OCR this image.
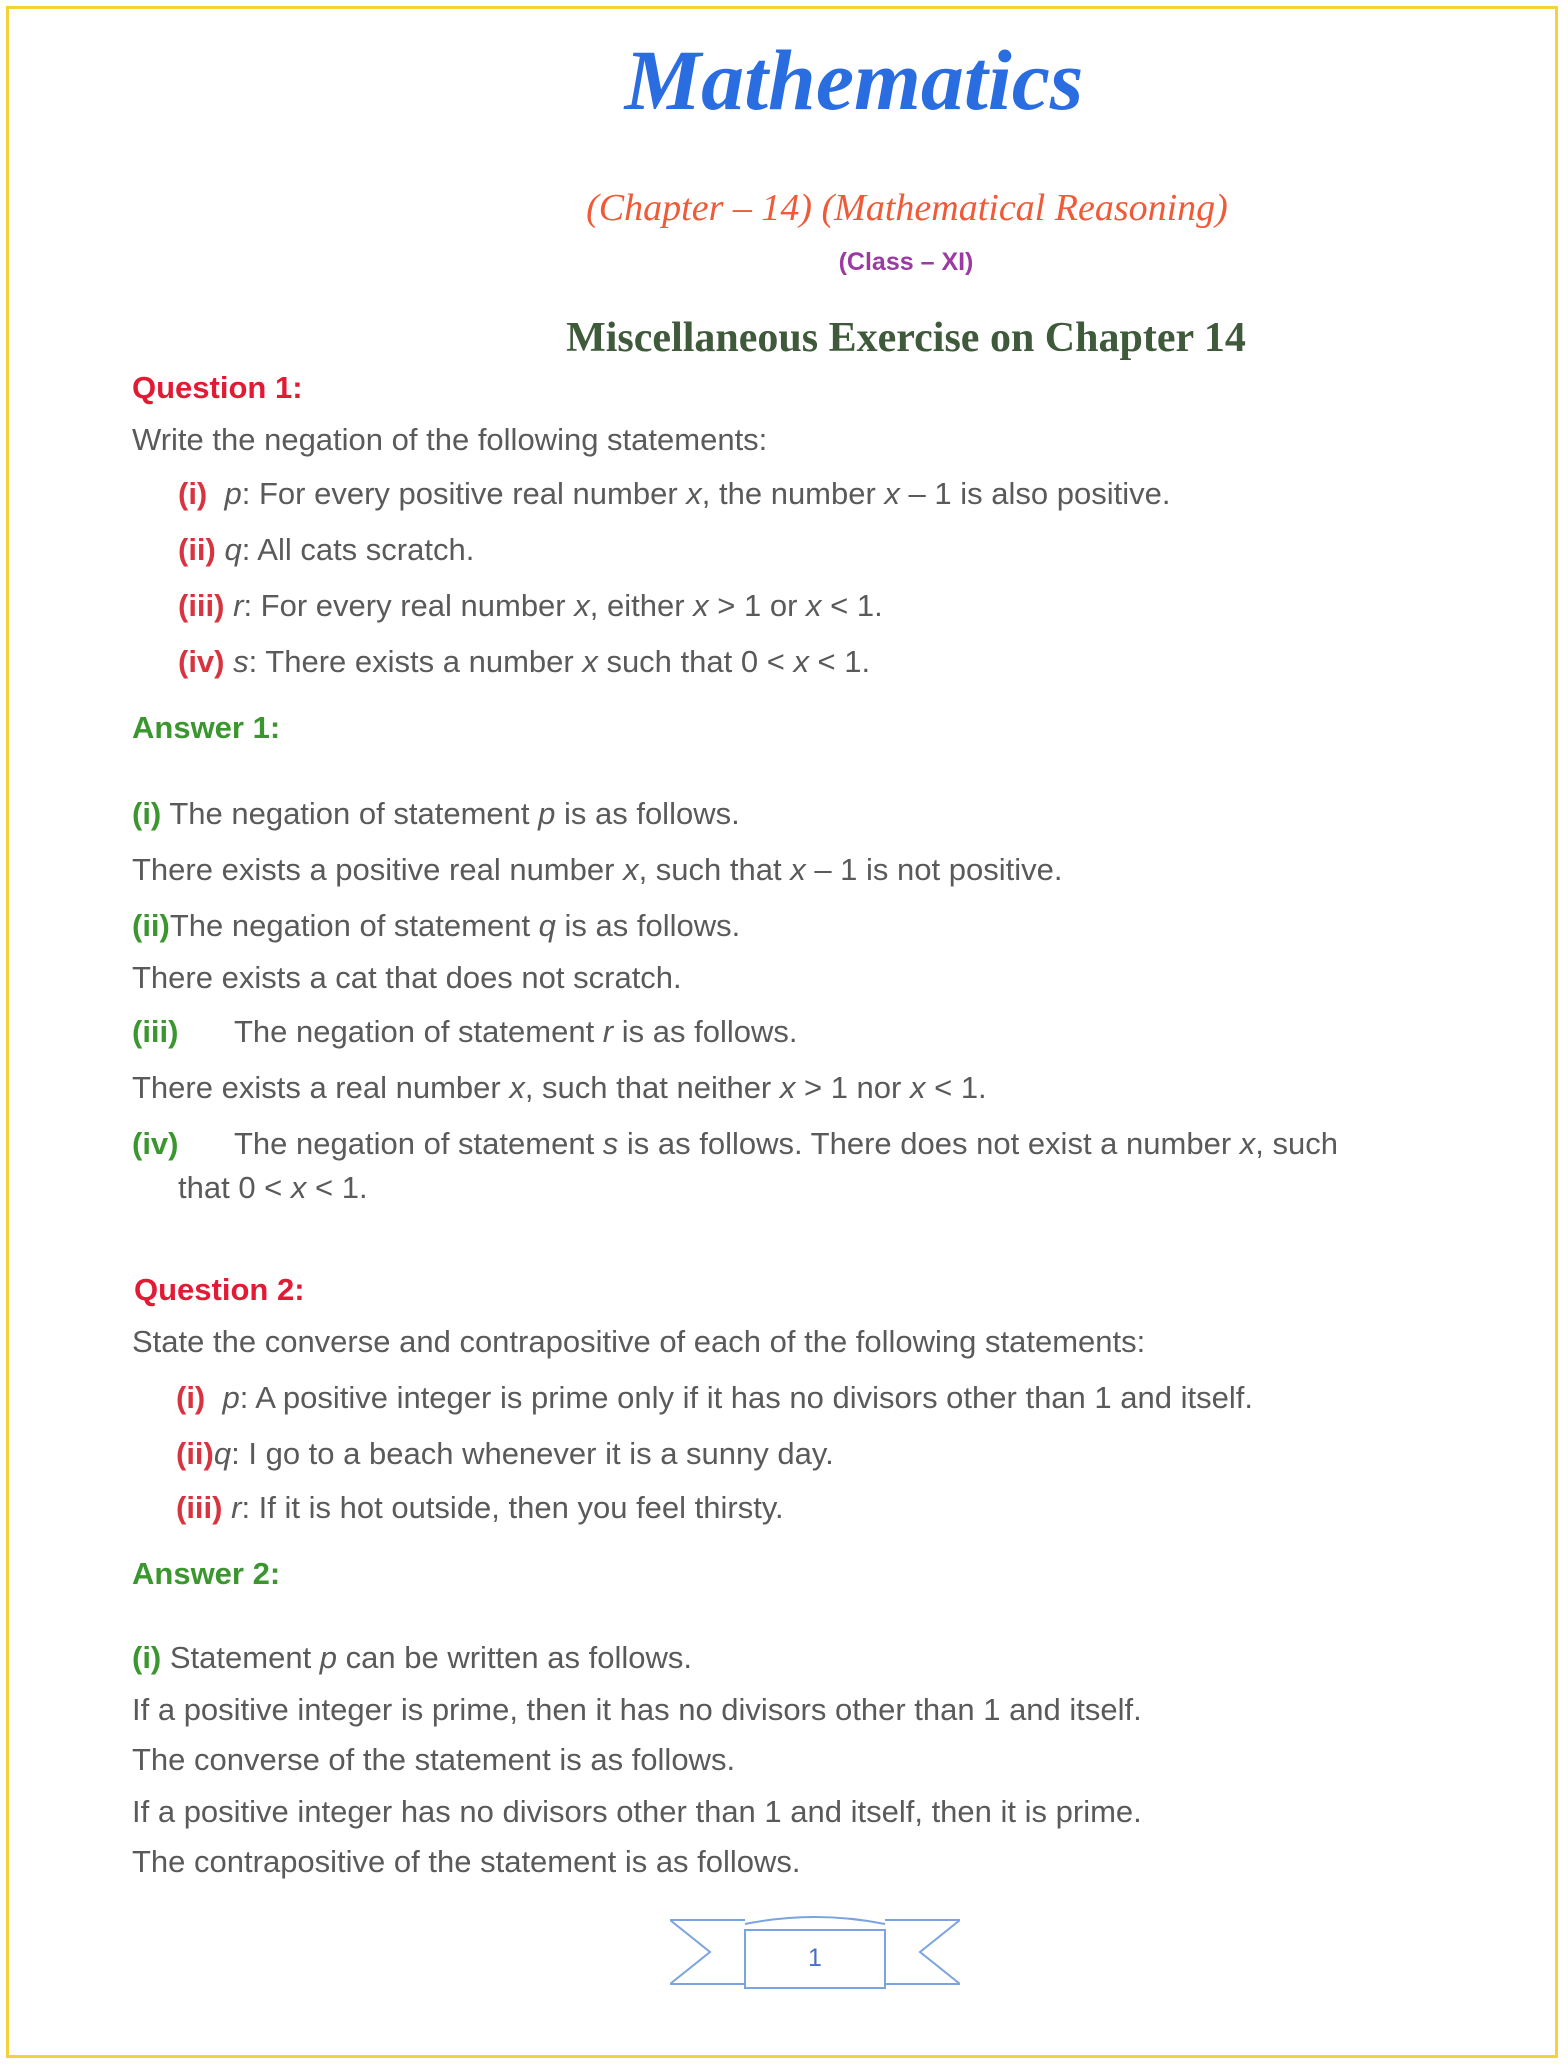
Mathematics
(Chapter – 14) (Mathematical Reasoning)
(Class – XI)
Miscellaneous Exercise on Chapter 14
Question 1:
Write the negation of the following statements:
(i) p: For every positive real number x, the number x – 1 is also positive.
(ii) q: All cats scratch.
(iii) r: For every real number x, either x > 1 or x < 1.
(iv) s: There exists a number x such that 0 < x < 1.
Answer 1:
(i) The negation of statement p is as follows.
There exists a positive real number x, such that x – 1 is not positive.
(ii)The negation of statement q is as follows.
There exists a cat that does not scratch.
(iii) The negation of statement r is as follows.
There exists a real number x, such that neither x > 1 nor x < 1.
(iv) The negation of statement s is as follows. There does not exist a number x, such
that 0 < x < 1.
Question 2:
State the converse and contrapositive of each of the following statements:
(i) p: A positive integer is prime only if it has no divisors other than 1 and itself.
(ii)q: I go to a beach whenever it is a sunny day.
(iii) r: If it is hot outside, then you feel thirsty.
Answer 2:
(i) Statement p can be written as follows.
If a positive integer is prime, then it has no divisors other than 1 and itself.
The converse of the statement is as follows.
If a positive integer has no divisors other than 1 and itself, then it is prime.
The contrapositive of the statement is as follows.
1
